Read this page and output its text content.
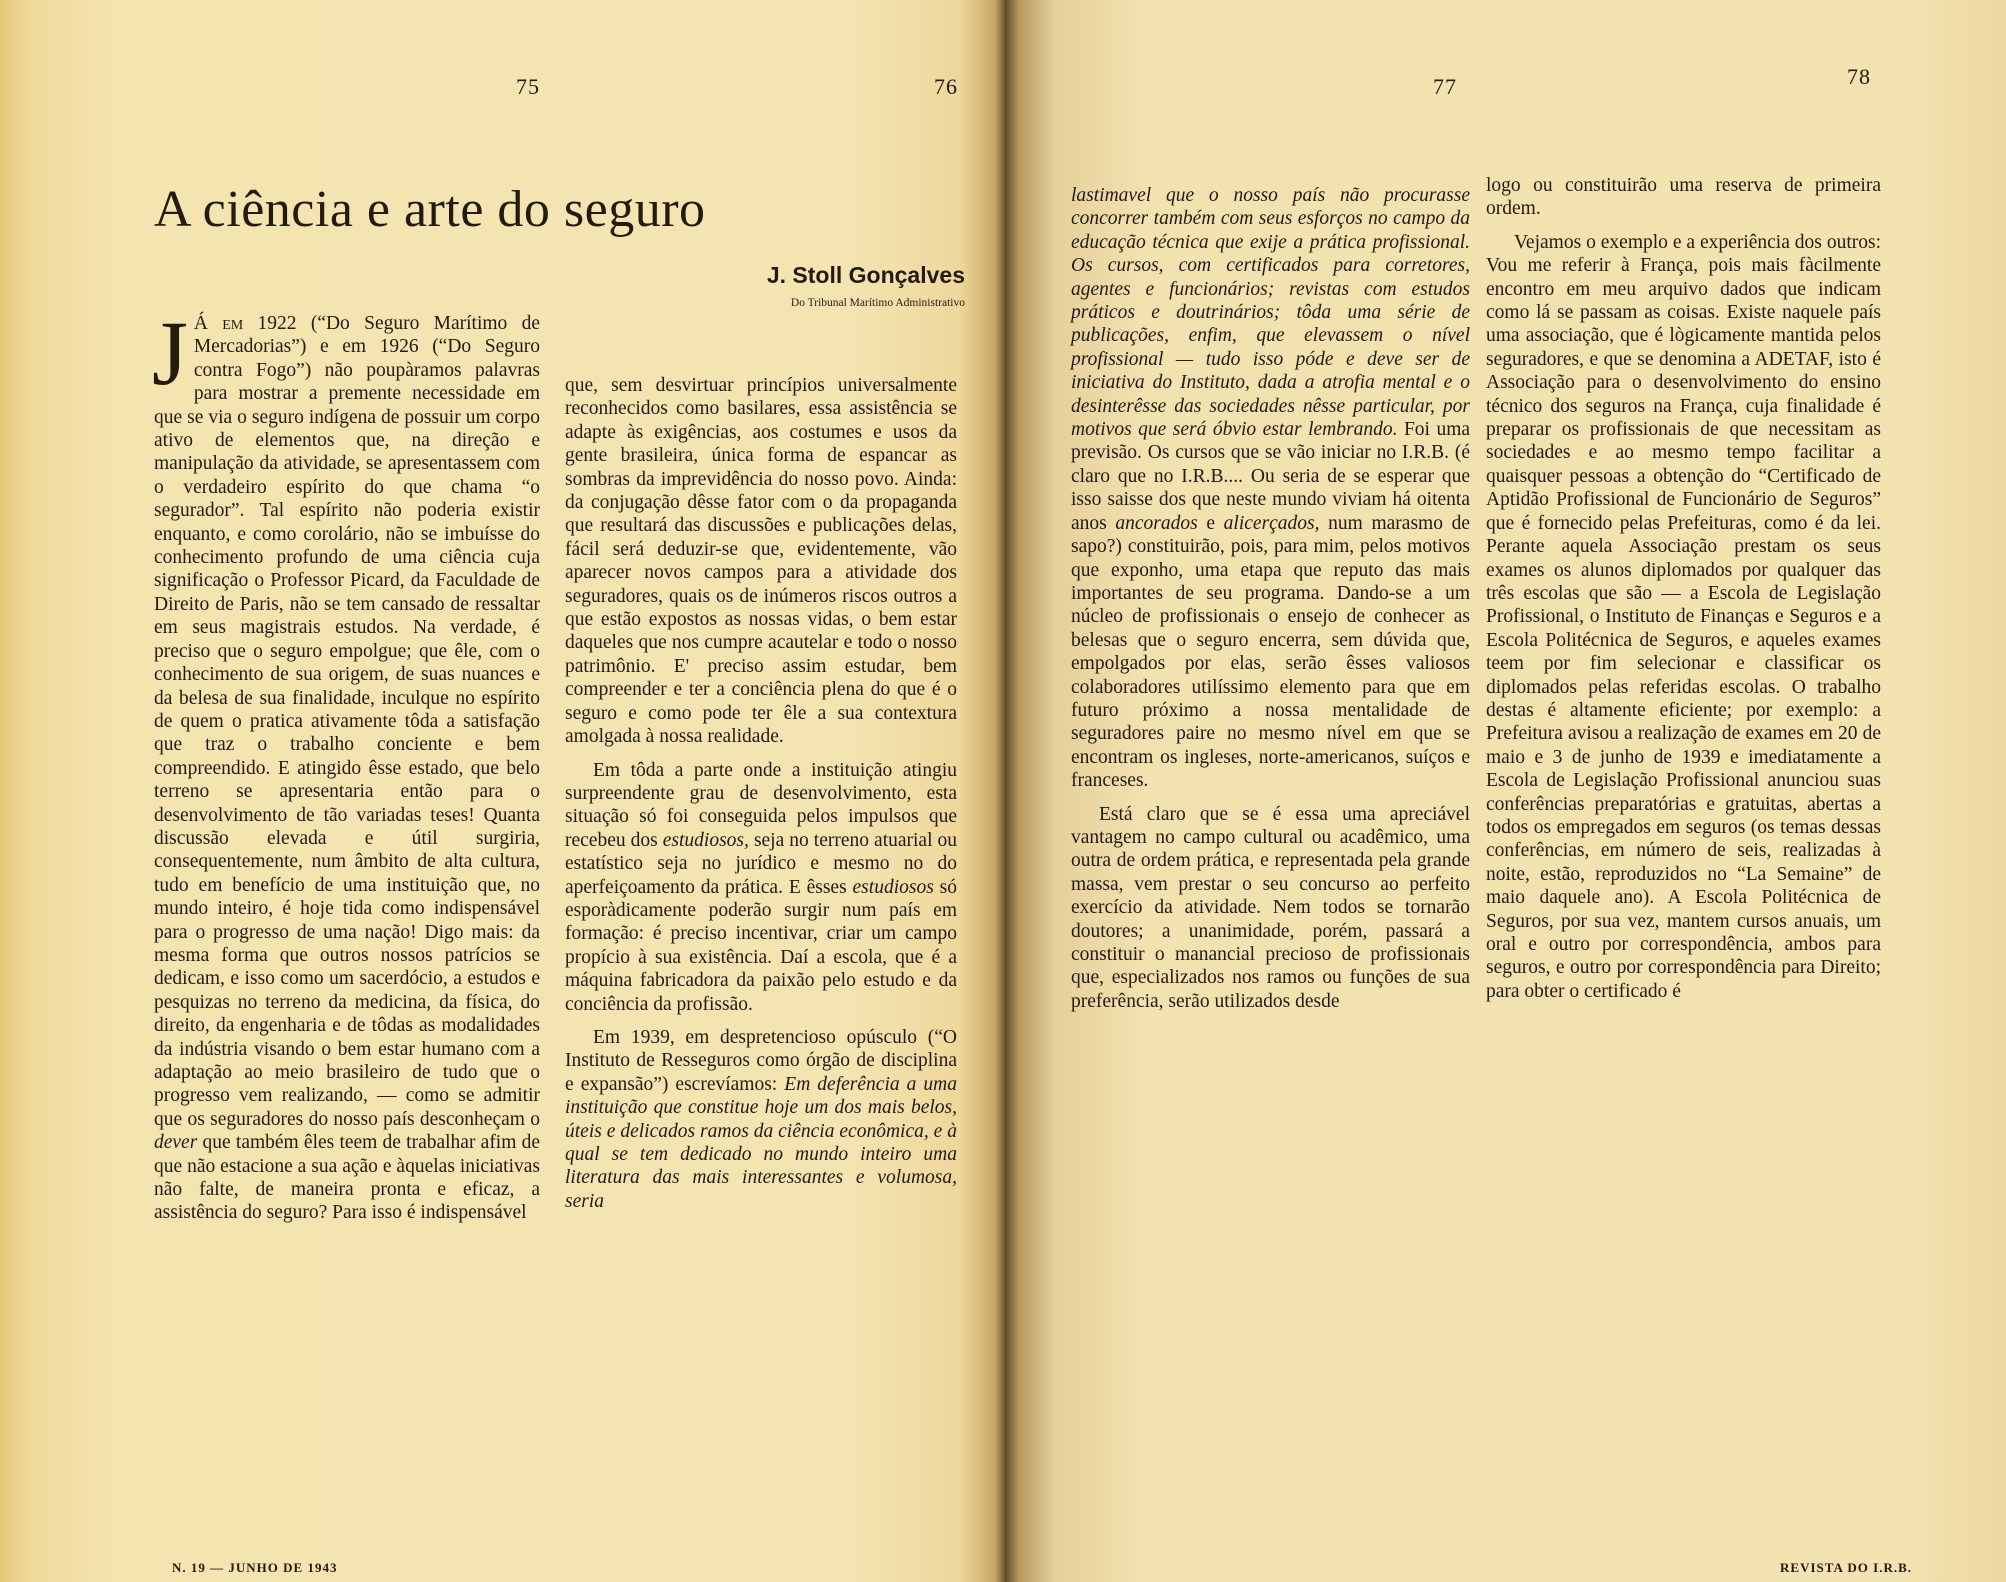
75	76
A ciência e arte do seguro
J. Stoll Gonçalves
Do Tribunal Marítimo Administrativo

J Á em 1922 (“Do Seguro Marítimo de Mercadorias”) e em 1926 (“Do Seguro contra Fogo”) não poupàramos palavras para mostrar a premente necessidade em que se via o seguro indígena de possuir um corpo ativo de elementos que, na direção e manipulação da atividade, se apresentassem com o verdadeiro espírito do que chama “o segurador”. Tal espírito não poderia existir enquanto, e como corolário, não se imbuísse do conhecimento profundo de uma ciência cuja significação o Professor Picard, da Faculdade de Direito de Paris, não se tem cansado de ressaltar em seus magistrais estudos. Na verdade, é preciso que o seguro empolgue; que êle, com o conhecimento de sua origem, de suas nuances e da belesa de sua finalidade, inculque no espírito de quem o pratica ativamente tôda a satisfação que traz o trabalho conciente e bem compreendido. E atingido êsse estado, que belo terreno se apresentaria então para o desenvolvimento de tão variadas teses! Quanta discussão elevada e útil surgiria, consequentemente, num âmbito de alta cultura, tudo em benefício de uma instituição que, no mundo inteiro, é hoje tida como indispensável para o progresso de uma nação! Digo mais: da mesma forma que outros nossos patrícios se dedicam, e isso como um sacerdócio, a estudos e pesquizas no terreno da medicina, da física, do direito, da engenharia e de tôdas as modalidades da indústria visando o bem estar humano com a adaptação ao meio brasileiro de tudo que o progresso vem realizando, — como se admitir que os seguradores do nosso país desconheçam o dever que também êles teem de trabalhar afim de que não estacione a sua ação e àquelas iniciativas não falte, de maneira pronta e eficaz, a assistência do seguro? Para isso é indispensável

que, sem desvirtuar princípios universalmente reconhecidos como basilares, essa assistência se adapte às exigências, aos costumes e usos da gente brasileira, única forma de espancar as sombras da imprevidência do nosso povo. Ainda: da conjugação dêsse fator com o da propaganda que resultará das discussões e publicações delas, fácil será deduzir-se que, evidentemente, vão aparecer novos campos para a atividade dos seguradores, quais os de inúmeros riscos outros a que estão expostos as nossas vidas, o bem estar daqueles que nos cumpre acautelar e todo o nosso patrimônio. E' preciso assim estudar, bem compreender e ter a conciência plena do que é o seguro e como pode ter êle a sua contextura amolgada à nossa realidade.

Em tôda a parte onde a instituição atingiu surpreendente grau de desenvolvimento, esta situação só foi conseguida pelos impulsos que recebeu dos estudiosos, seja no terreno atuarial ou estatístico seja no jurídico e mesmo no do aperfeiçoamento da prática. E êsses estudiosos só esporàdicamente poderão surgir num país em formação: é preciso incentivar, criar um campo propício à sua existência. Daí a escola, que é a máquina fabricadora da paixão pelo estudo e da conciência da profissão.

Em 1939, em despretencioso opúsculo (“O Instituto de Resseguros como órgão de disciplina e expansão”) escrevíamos: Em deferência a uma instituição que constitue hoje um dos mais belos, úteis e delicados ramos da ciência econômica, e à qual se tem dedicado no mundo inteiro uma literatura das mais interessantes e volumosa, seria

N. 19 — JUNHO DE 1943
77	78

lastimavel que o nosso país não procurasse concorrer também com seus esforços no campo da educação técnica que exije a prática profissional. Os cursos, com certificados para corretores, agentes e funcionários; revistas com estudos práticos e doutrinários; tôda uma série de publicações, enfim, que elevassem o nível profissional — tudo isso póde e deve ser de iniciativa do Instituto, dada a atrofia mental e o desinterêsse das sociedades nêsse particular, por motivos que será óbvio estar lembrando. Foi uma previsão. Os cursos que se vão iniciar no I.R.B. (é claro que no I.R.B.... Ou seria de se esperar que isso saisse dos que neste mundo viviam há oitenta anos ancorados e alicerçados, num marasmo de sapo?) constituirão, pois, para mim, pelos motivos que exponho, uma etapa que reputo das mais importantes de seu programa. Dando-se a um núcleo de profissionais o ensejo de conhecer as belesas que o seguro encerra, sem dúvida que, empolgados por elas, serão êsses valiosos colaboradores utilíssimo elemento para que em futuro próximo a nossa mentalidade de seguradores paire no mesmo nível em que se encontram os ingleses, norte-americanos, suíços e franceses.

Está claro que se é essa uma apreciável vantagem no campo cultural ou acadêmico, uma outra de ordem prática, e representada pela grande massa, vem prestar o seu concurso ao perfeito exercício da atividade. Nem todos se tornarão doutores; a unanimidade, porém, passará a constituir o manancial precioso de profissionais que, especializados nos ramos ou funções de sua preferência, serão utilizados desde

logo ou constituirão uma reserva de primeira ordem.

Vejamos o exemplo e a experiência dos outros: Vou me referir à França, pois mais fàcilmente encontro em meu arquivo dados que indicam como lá se passam as coisas. Existe naquele país uma associação, que é lògicamente mantida pelos seguradores, e que se denomina a ADETAF, isto é Associação para o desenvolvimento do ensino técnico dos seguros na França, cuja finalidade é preparar os profissionais de que necessitam as sociedades e ao mesmo tempo facilitar a quaisquer pessoas a obtenção do “Certificado de Aptidão Profissional de Funcionário de Seguros” que é fornecido pelas Prefeituras, como é da lei. Perante aquela Associação prestam os seus exames os alunos diplomados por qualquer das três escolas que são — a Escola de Legislação Profissional, o Instituto de Finanças e Seguros e a Escola Politécnica de Seguros, e aqueles exames teem por fim selecionar e classificar os diplomados pelas referidas escolas. O trabalho destas é altamente eficiente; por exemplo: a Prefeitura avisou a realização de exames em 20 de maio e 3 de junho de 1939 e imediatamente a Escola de Legislação Profissional anunciou suas conferências preparatórias e gratuitas, abertas a todos os empregados em seguros (os temas dessas conferências, em número de seis, realizadas à noite, estão, reproduzidos no “La Semaine” de maio daquele ano). A Escola Politécnica de Seguros, por sua vez, mantem cursos anuais, um oral e outro por correspondência, ambos para seguros, e outro por correspondência para Direito; para obter o certificado é

REVISTA DO I.R.B.
